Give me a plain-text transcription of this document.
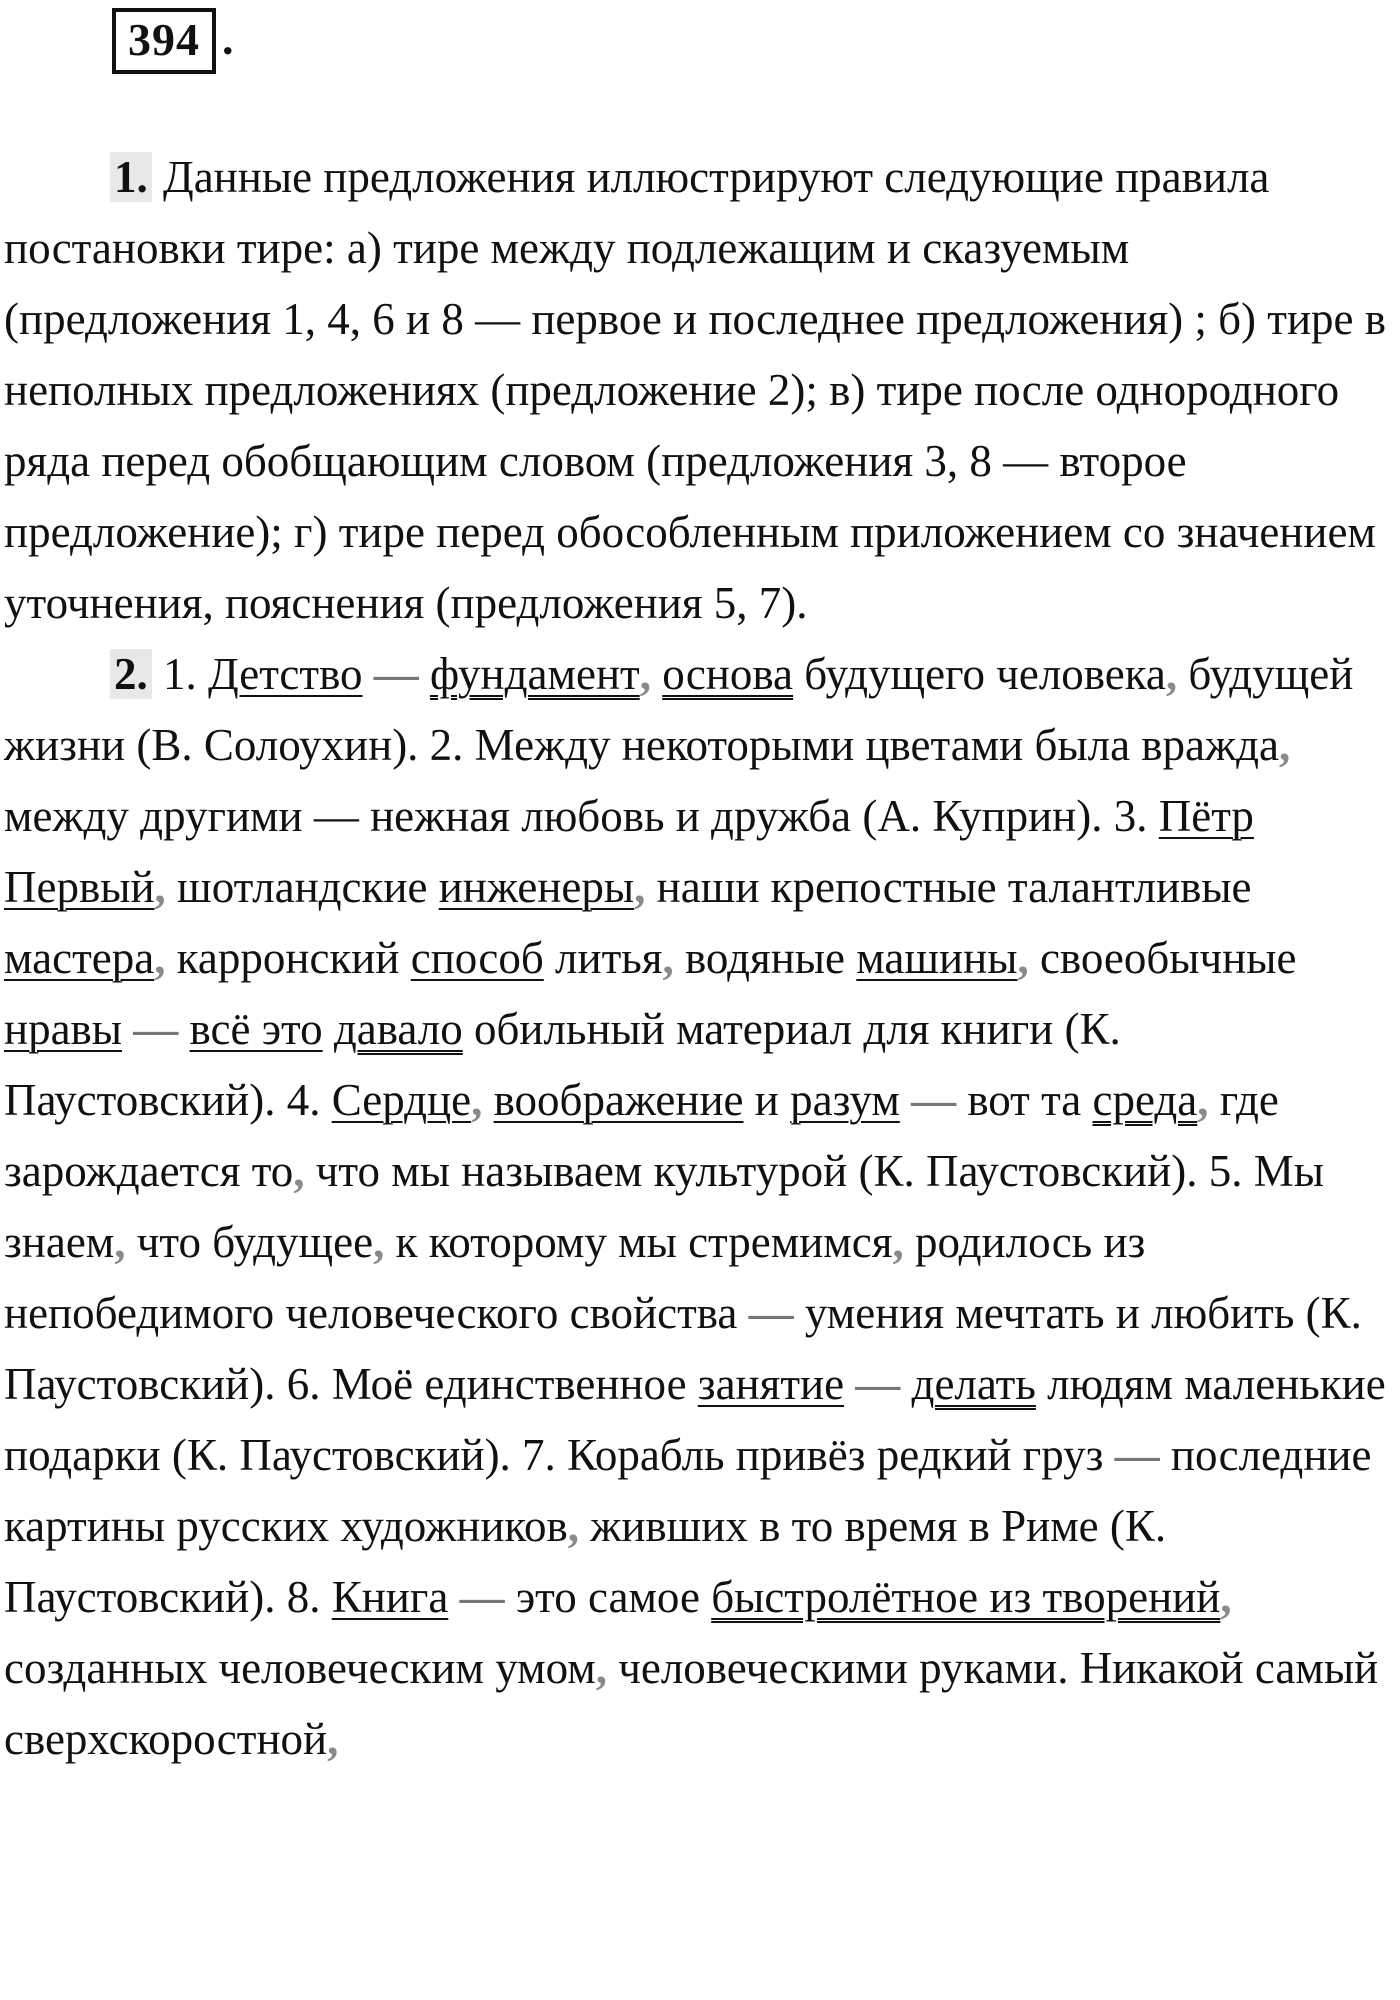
394 .

1. Данные предложения иллюстрируют следующие правила постановки тире: а) тире между подлежащим и сказуемым (предложения 1, 4, 6 и 8 — первое и последнее предложения) ; б) тире в неполных предложениях (предложение 2); в) тире после однородного ряда перед обобщающим словом (предложения 3, 8 — второе предложение); г) тире перед обособленным приложением со значением уточнения, пояснения (предложения 5, 7).

2. 1. Детство — фундамент, основа будущего человека, будущей жизни (В. Солоухин). 2. Между некоторыми цветами была вражда, между другими — нежная любовь и дружба (А. Куприн). 3. Пётр Первый, шотландские инженеры, наши крепостные талантливые мастера, карронский способ литья, водяные машины, своеобычные нравы — всё это давало обильный материал для книги (К. Паустовский). 4. Сердце, воображение и разум — вот та среда, где зарождается то, что мы называем культурой (К. Паустовский). 5. Мы знаем, что будущее, к которому мы стремимся, родилось из непобедимого человеческого свойства — умения мечтать и любить (К. Паустовский). 6. Моё единственное занятие — делать людям маленькие подарки (К. Паустовский). 7. Корабль привёз редкий груз — последние картины русских художников, живших в то время в Риме (К. Паустовский). 8. Книга — это самое быстролётное из творений, созданных человеческим умом, человеческими руками. Никакой самый сверхскоростной,
